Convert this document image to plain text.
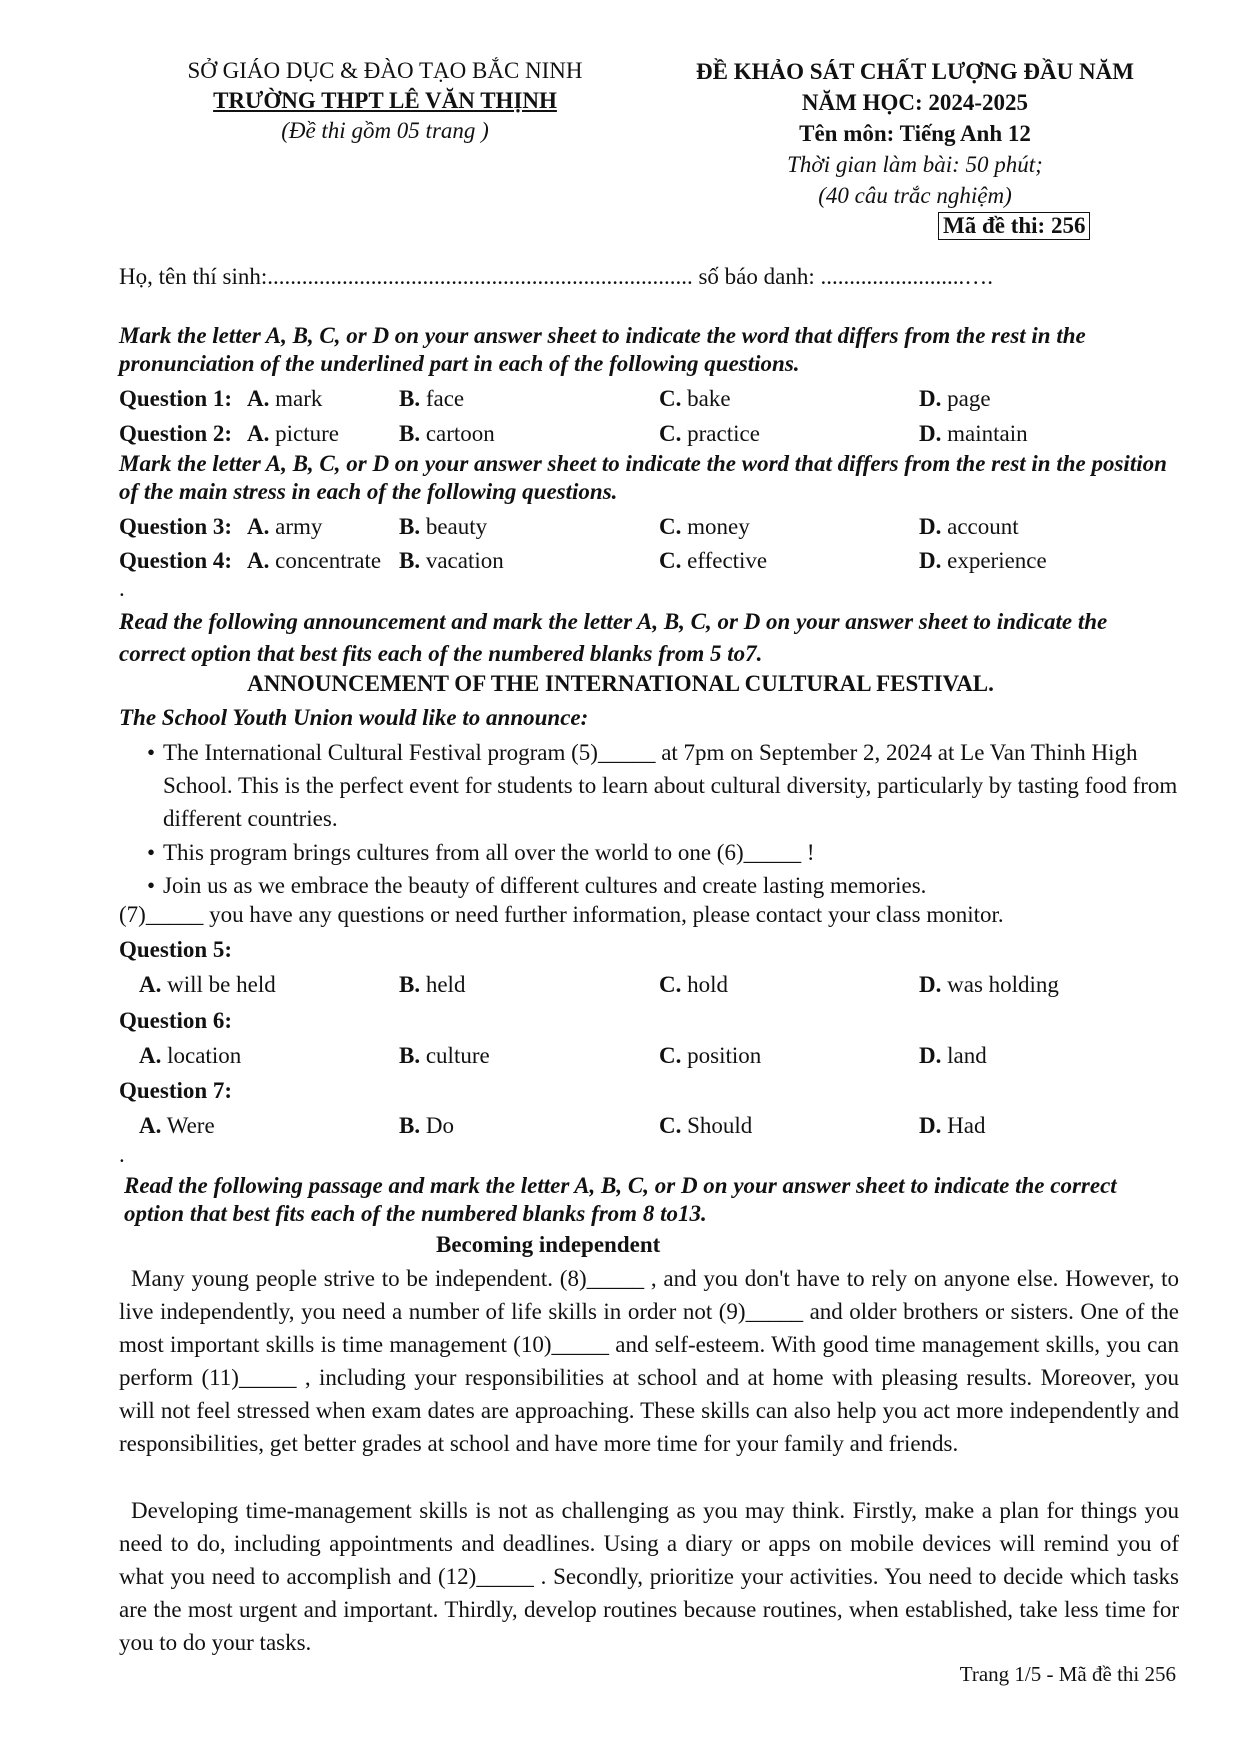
SỞ GIÁO DỤC & ĐÀO TẠO BẮC NINH
TRƯỜNG THPT LÊ VĂN THỊNH
(Đề thi gồm 05 trang )
ĐỀ KHẢO SÁT CHẤT LƯỢNG ĐẦU NĂM
NĂM HỌC: 2024-2025
Tên môn: Tiếng Anh 12
Thời gian làm bài: 50 phút;
(40 câu trắc nghiệm)
Mã đề thi: 256
Họ, tên thí sinh:.......................................................................... số báo danh: .........................….
Mark the letter A, B, C, or D on your answer sheet to indicate the word that differs from the rest in the pronunciation of the underlined part in each of the following questions.
Question 1: A. mark	B. face	C. bake	D. page
Question 2: A. picture	B. cartoon	C. practice	D. maintain
Mark the letter A, B, C, or D on your answer sheet to indicate the word that differs from the rest in the position of the main stress in each of the following questions.
Question 3: A. army	B. beauty	C. money	D. account
Question 4: A. concentrate B. vacation	C. effective	D. experience
.
Read the following announcement and mark the letter A, B, C, or D on your answer sheet to indicate the correct option that best fits each of the numbered blanks from 5 to7.
ANNOUNCEMENT OF THE INTERNATIONAL CULTURAL FESTIVAL.
The School Youth Union would like to announce:
• The International Cultural Festival program (5)_____ at 7pm on September 2, 2024 at Le Van Thinh High School. This is the perfect event for students to learn about cultural diversity, particularly by tasting food from different countries.
• This program brings cultures from all over the world to one (6)_____ !
• Join us as we embrace the beauty of different cultures and create lasting memories.
(7)_____ you have any questions or need further information, please contact your class monitor.
Question 5:
A. will be held	B. held	C. hold	D. was holding
Question 6:
A. location	B. culture	C. position	D. land
Question 7:
A. Were	B. Do	C. Should	D. Had
.
Read the following passage and mark the letter A, B, C, or D on your answer sheet to indicate the correct option that best fits each of the numbered blanks from 8 to13.
Becoming independent
Many young people strive to be independent. (8)_____ , and you don't have to rely on anyone else. However, to live independently, you need a number of life skills in order not (9)_____ and older brothers or sisters. One of the most important skills is time management (10)_____ and self-esteem. With good time management skills, you can perform (11)_____ , including your responsibilities at school and at home with pleasing results. Moreover, you will not feel stressed when exam dates are approaching. These skills can also help you act more independently and responsibilities, get better grades at school and have more time for your family and friends.
Developing time-management skills is not as challenging as you may think. Firstly, make a plan for things you need to do, including appointments and deadlines. Using a diary or apps on mobile devices will remind you of what you need to accomplish and (12)_____ . Secondly, prioritize your activities. You need to decide which tasks are the most urgent and important. Thirdly, develop routines because routines, when established, take less time for you to do your tasks.
Trang 1/5 - Mã đề thi 256
